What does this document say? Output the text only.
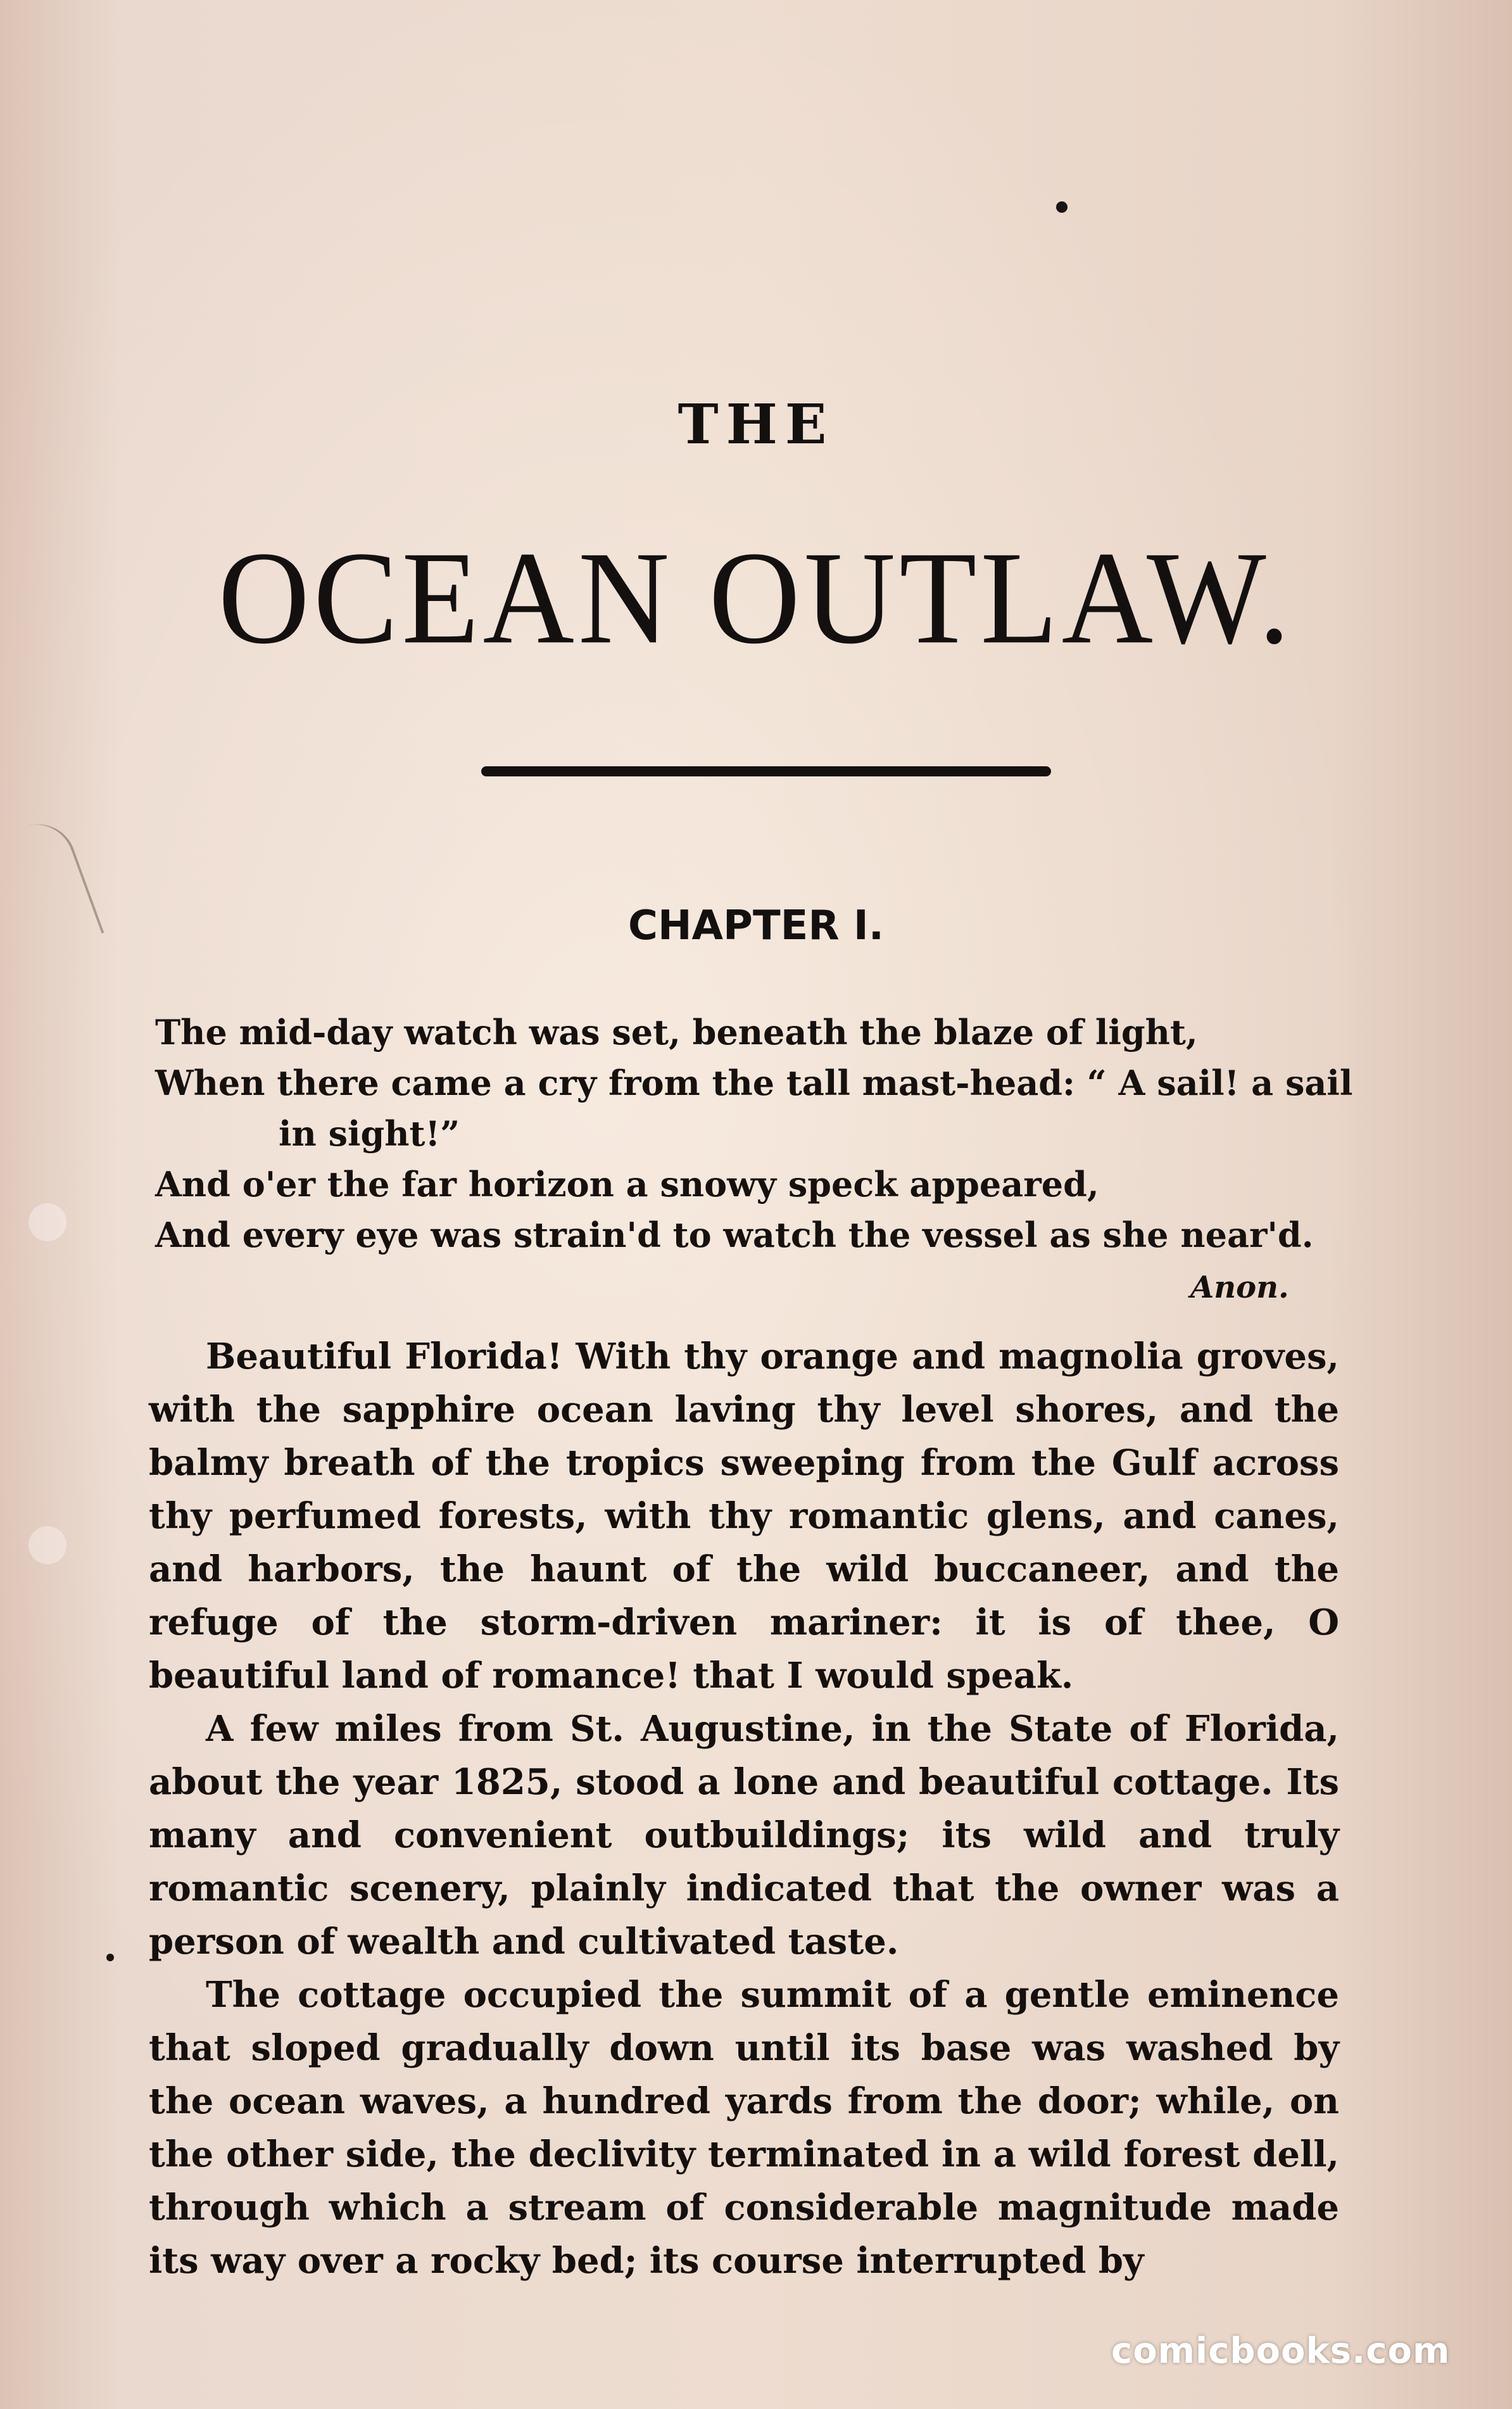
THE
OCEAN OUTLAW.
CHAPTER I.
The mid-day watch was set, beneath the blaze of light,
When there came a cry from the tall mast-head: “ A sail! a sail
in sight!”
And o'er the far horizon a snowy speck appeared,
And every eye was strain'd to watch the vessel as she near'd.
Anon.

Beautiful Florida! With thy orange and magnolia groves, with the sapphire ocean laving thy level shores, and the balmy breath of the tropics sweeping from the Gulf across thy perfumed forests, with thy romantic glens, and canes, and harbors, the haunt of the wild buccaneer, and the refuge of the storm-driven mariner: it is of thee, O beautiful land of romance! that I would speak.

A few miles from St. Augustine, in the State of Florida, about the year 1825, stood a lone and beautiful cottage. Its many and convenient outbuildings; its wild and truly romantic scenery, plainly indicated that the owner was a person of wealth and cultivated taste.

The cottage occupied the summit of a gentle eminence that sloped gradually down until its base was washed by the ocean waves, a hundred yards from the door; while, on the other side, the declivity terminated in a wild forest dell, through which a stream of considerable magnitude made its way over a rocky bed; its course interrupted by

comicbooks.com
